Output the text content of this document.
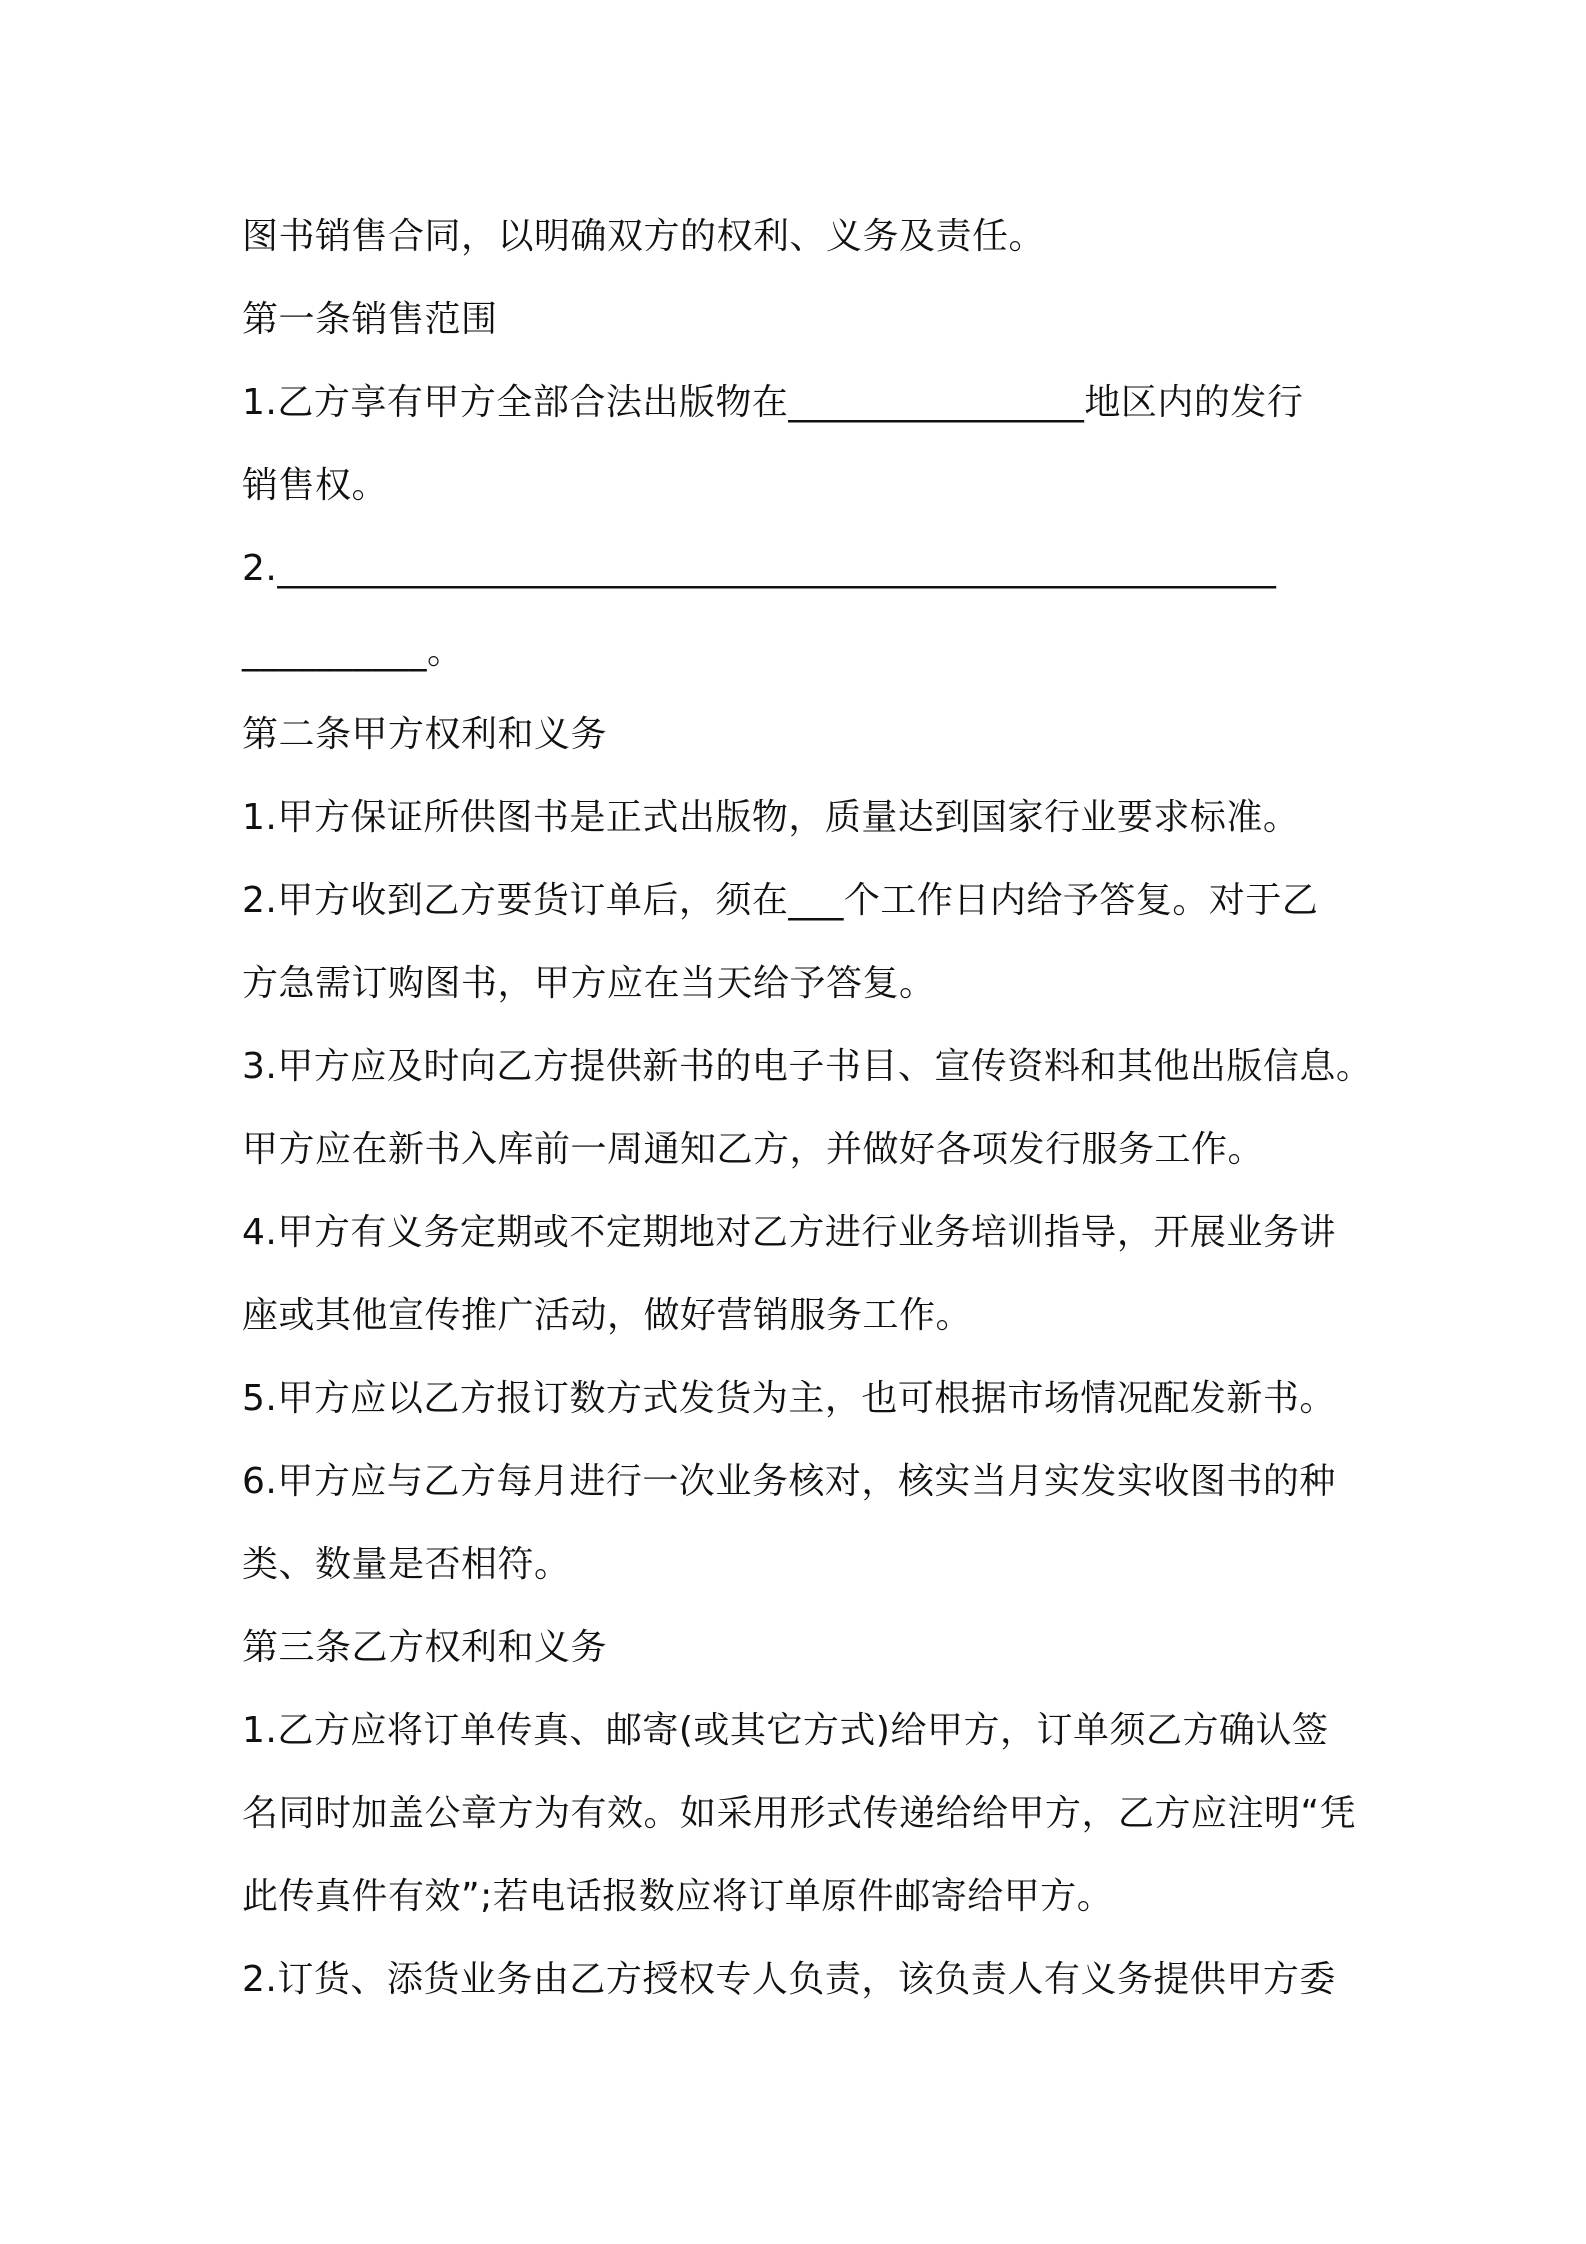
图书销售合同，以明确双方的权利、义务及责任。
第一条销售范围
1.乙方享有甲方全部合法出版物在________________地区内的发行
销售权。
2.______________________________________________________
__________。
第二条甲方权利和义务
1.甲方保证所供图书是正式出版物，质量达到国家行业要求标准。
2.甲方收到乙方要货订单后，须在___个工作日内给予答复。对于乙
方急需订购图书，甲方应在当天给予答复。
3.甲方应及时向乙方提供新书的电子书目、宣传资料和其他出版信息。
甲方应在新书入库前一周通知乙方，并做好各项发行服务工作。
4.甲方有义务定期或不定期地对乙方进行业务培训指导，开展业务讲
座或其他宣传推广活动，做好营销服务工作。
5.甲方应以乙方报订数方式发货为主，也可根据市场情况配发新书。
6.甲方应与乙方每月进行一次业务核对，核实当月实发实收图书的种
类、数量是否相符。
第三条乙方权利和义务
1.乙方应将订单传真、邮寄(或其它方式)给甲方，订单须乙方确认签
名同时加盖公章方为有效。如采用形式传递给给甲方，乙方应注明“凭
此传真件有效”;若电话报数应将订单原件邮寄给甲方。
2.订货、添货业务由乙方授权专人负责，该负责人有义务提供甲方委
